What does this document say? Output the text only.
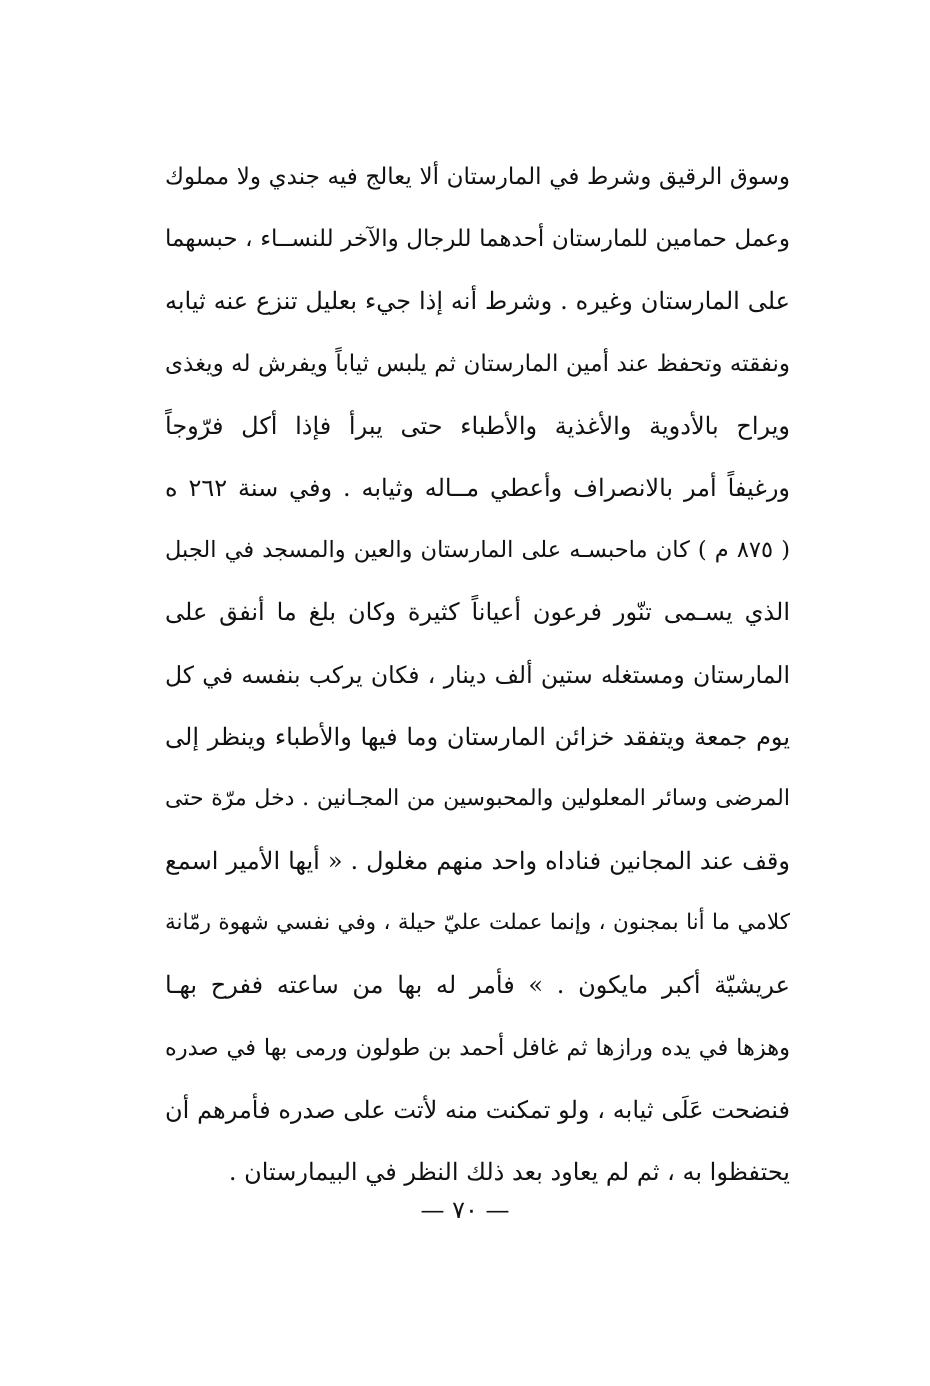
وسوق الرقيق وشرط في المارستان ألا يعالج فيه جندي ولا مملوك
وعمل حمامين للمارستان أحدهما للرجال والآخر للنســاء ، حبسهما
على المارستان وغيره . وشرط أنه إذا جيء بعليل تنزع عنه ثيابه
ونفقته وتحفظ عند أمين المارستان ثم يلبس ثياباً ويفرش له ويغذى
ويراح بالأدوية والأغذية والأطباء حتى يبرأ فإذا أكل فرّوجاً
ورغيفاً أمر بالانصراف وأعطي مــاله وثيابه . وفي سنة ٢٦٢ ه
( ٨٧٥ م ) كان ماحبسـه على المارستان والعين والمسجد في الجبل
الذي يسـمى تنّور فرعون أعياناً كثيرة وكان بلغ ما أنفق على
المارستان ومستغله ستين ألف دينار ، فكان يركب بنفسه في كل
يوم جمعة ويتفقد خزائن المارستان وما فيها والأطباء وينظر إلى
المرضى وسائر المعلولين والمحبوسين من المجـانين . دخل مرّة حتى
وقف عند المجانين فناداه واحد منهم مغلول . « أيها الأمير اسمع
كلامي ما أنا بمجنون ، وإنما عملت عليّ حيلة ، وفي نفسي شهوة رمّانة
عريشيّة أكبر مايكون . » فأمر له بها من ساعته ففرح بهـا
وهزها في يده ورازها ثم غافل أحمد بن طولون ورمى بها في صدره
فنضحت عَلَى ثيابه ، ولو تمكنت منه لأتت على صدره فأمرهم أن
يحتفظوا به ، ثم لم يعاود بعد ذلك النظر في البيمارستان .
— ٧٠ —
